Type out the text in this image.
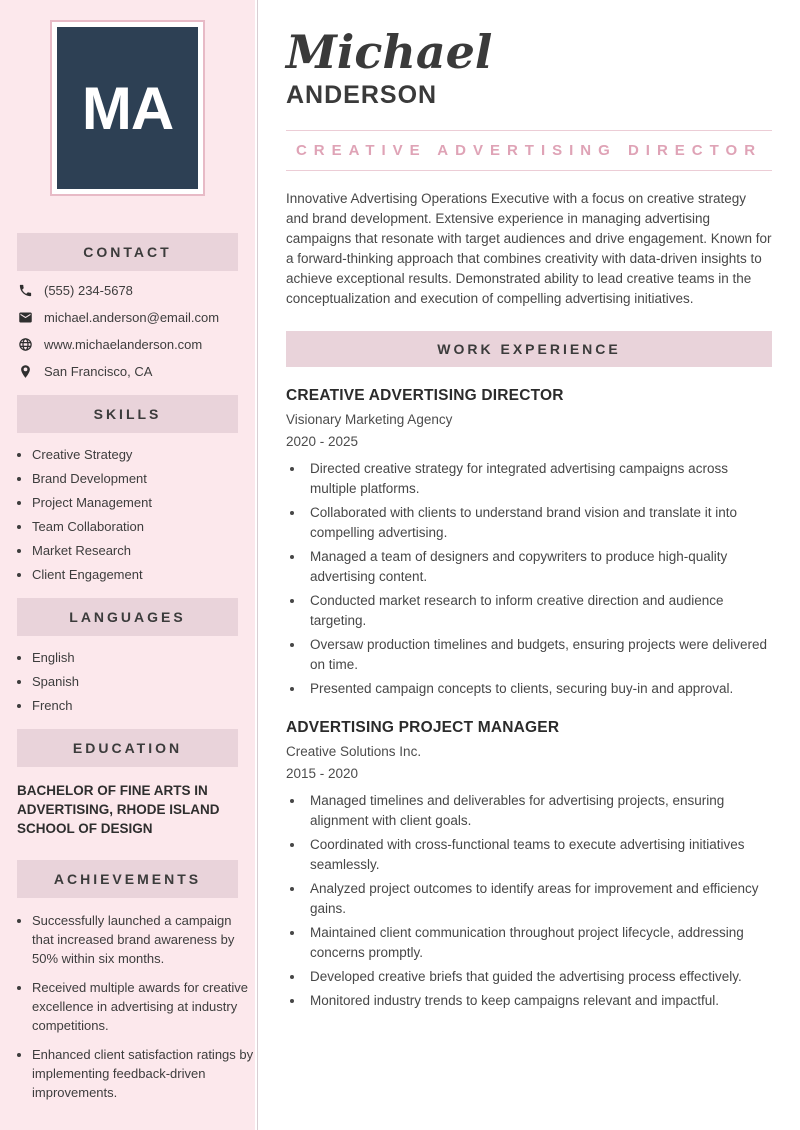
MA
CONTACT
(555) 234-5678
michael.anderson@email.com
www.michaelanderson.com
San Francisco, CA
SKILLS
• Creative Strategy
• Brand Development
• Project Management
• Team Collaboration
• Market Research
• Client Engagement
LANGUAGES
• English
• Spanish
• French
EDUCATION
BACHELOR OF FINE ARTS IN ADVERTISING, RHODE ISLAND SCHOOL OF DESIGN
ACHIEVEMENTS
• Successfully launched a campaign that increased brand awareness by 50% within six months.
• Received multiple awards for creative excellence in advertising at industry competitions.
• Enhanced client satisfaction ratings by implementing feedback-driven improvements.
Michael
ANDERSON
CREATIVE ADVERTISING DIRECTOR

Innovative Advertising Operations Executive with a focus on creative strategy and brand development. Extensive experience in managing advertising campaigns that resonate with target audiences and drive engagement. Known for a forward-thinking approach that combines creativity with data-driven insights to achieve exceptional results. Demonstrated ability to lead creative teams in the conceptualization and execution of compelling advertising initiatives.

WORK EXPERIENCE
CREATIVE ADVERTISING DIRECTOR
Visionary Marketing Agency
2020 - 2025
• Directed creative strategy for integrated advertising campaigns across multiple platforms.
• Collaborated with clients to understand brand vision and translate it into compelling advertising.
• Managed a team of designers and copywriters to produce high-quality advertising content.
• Conducted market research to inform creative direction and audience targeting.
• Oversaw production timelines and budgets, ensuring projects were delivered on time.
• Presented campaign concepts to clients, securing buy-in and approval.
ADVERTISING PROJECT MANAGER
Creative Solutions Inc.
2015 - 2020
• Managed timelines and deliverables for advertising projects, ensuring alignment with client goals.
• Coordinated with cross-functional teams to execute advertising initiatives seamlessly.
• Analyzed project outcomes to identify areas for improvement and efficiency gains.
• Maintained client communication throughout project lifecycle, addressing concerns promptly.
• Developed creative briefs that guided the advertising process effectively.
• Monitored industry trends to keep campaigns relevant and impactful.
